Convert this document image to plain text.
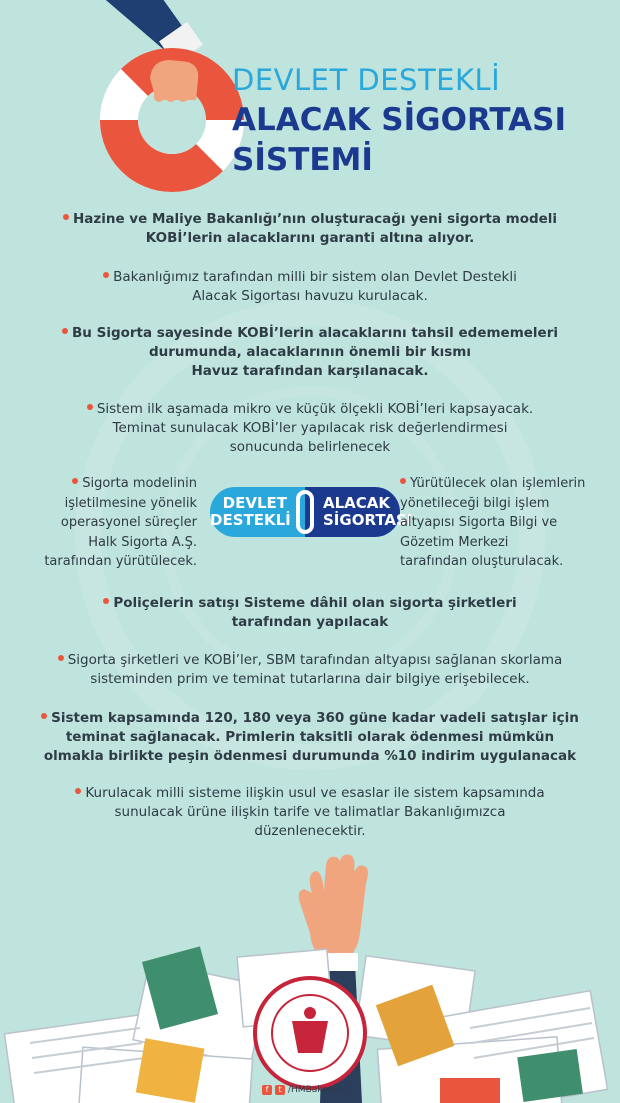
DEVLET DESTEKLİ
ALACAK SİGORTASI
SİSTEMİ
Hazine ve Maliye Bakanlığı’nın oluşturacağı yeni sigorta modeli
KOBİ’lerin alacaklarını garanti altına alıyor.
Bakanlığımız tarafından milli bir sistem olan Devlet Destekli
Alacak Sigortası havuzu kurulacak.
Bu Sigorta sayesinde KOBİ’lerin alacaklarını tahsil edememeleri
durumunda, alacaklarının önemli bir kısmı
Havuz tarafından karşılanacak.
Sistem ilk aşamada mikro ve küçük ölçekli KOBİ’leri kapsayacak.
Teminat sunulacak KOBİ’ler yapılacak risk değerlendirmesi
sonucunda belirlenecek
Sigorta modelinin
işletilmesine yönelik
operasyonel süreçler
Halk Sigorta A.Ş.
tarafından yürütülecek.
DEVLET
DESTEKLİ
ALACAK
SİGORTASI
Yürütülecek olan işlemlerin
yönetileceği bilgi işlem
altyapısı Sigorta Bilgi ve
Gözetim Merkezi
tarafından oluşturulacak.
Poliçelerin satışı Sisteme dâhil olan sigorta şirketleri
tarafından yapılacak
Sigorta şirketleri ve KOBİ’ler, SBM tarafından altyapısı sağlanan skorlama
sisteminden prim ve teminat tutarlarına dair bilgiye erişebilecek.
Sistem kapsamında 120, 180 veya 360 güne kadar vadeli satışlar için
teminat sağlanacak. Primlerin taksitli olarak ödenmesi mümkün
olmakla birlikte peşin ödenmesi durumunda %10 indirim uygulanacak
Kurulacak milli sisteme ilişkin usul ve esaslar ile sistem kapsamında
sunulacak ürüne ilişkin tarife ve talimatlar Bakanlığımızca
düzenlenecektir.
f	t /HMBakanligi
